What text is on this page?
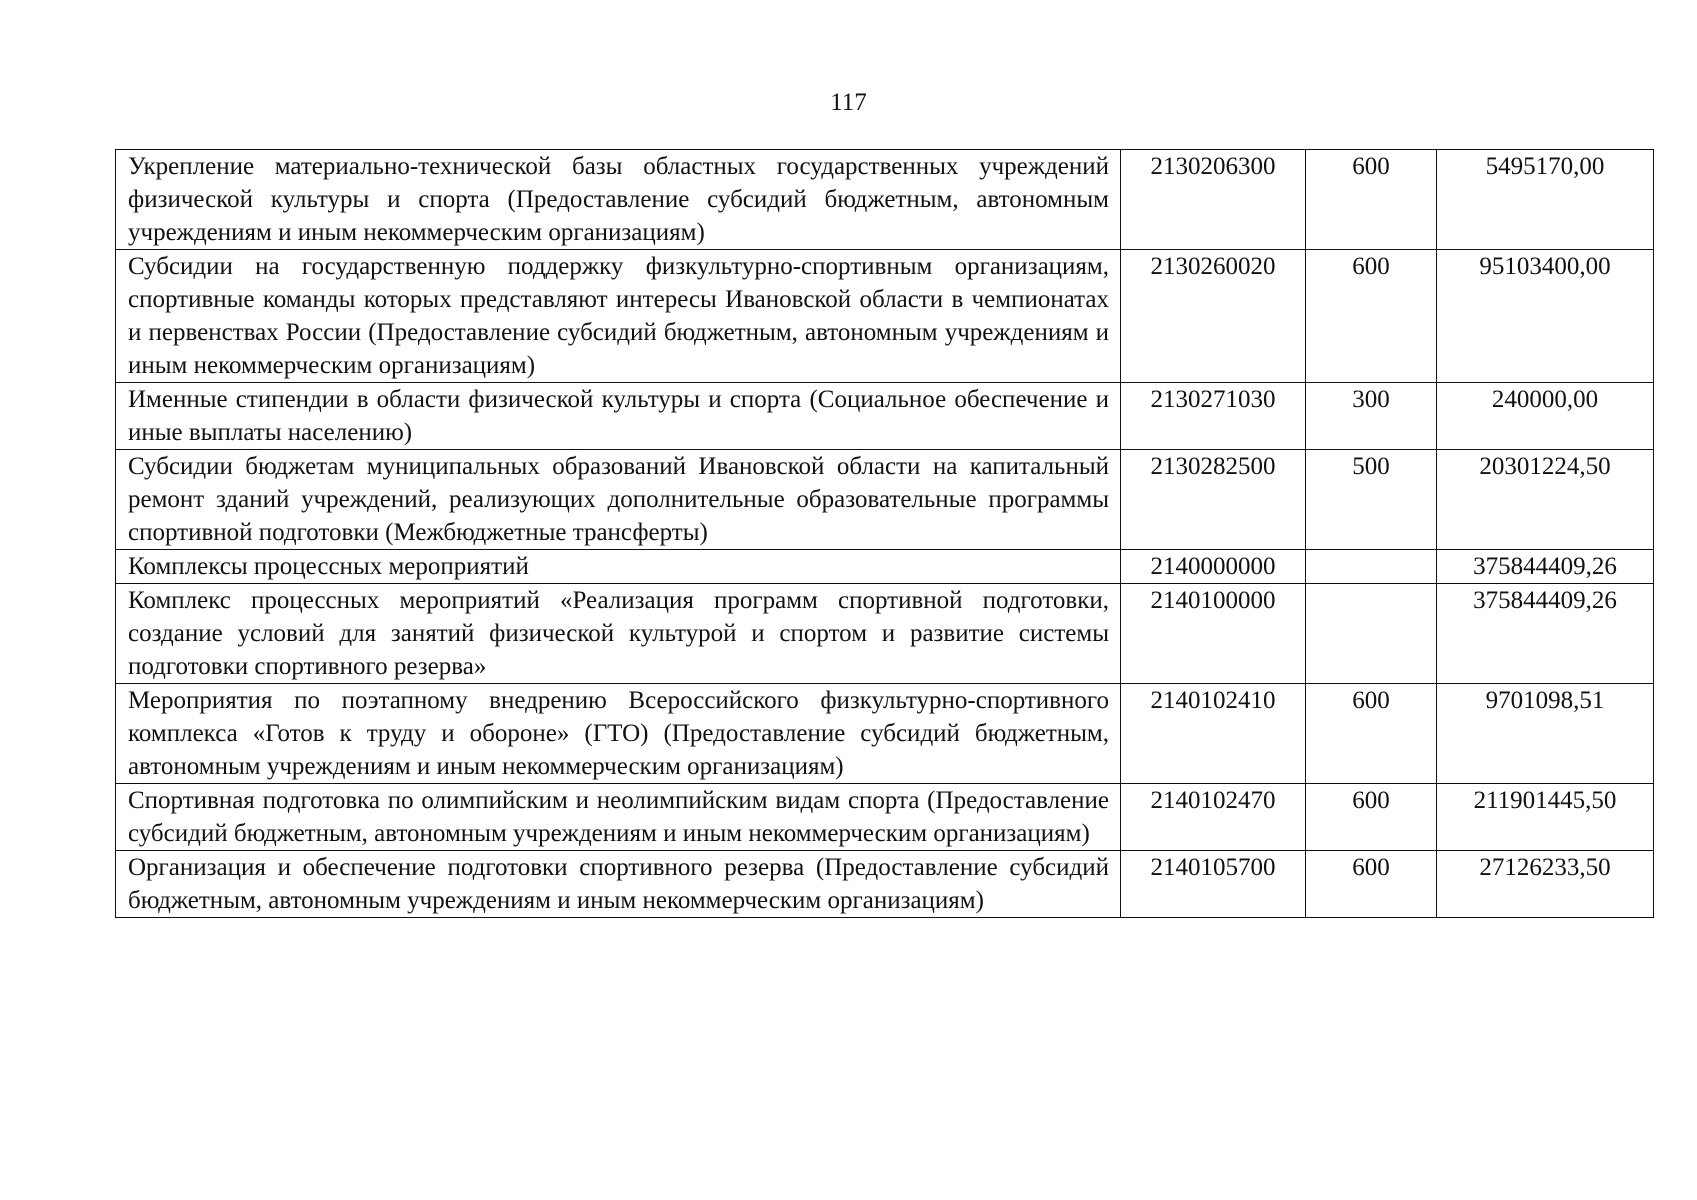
117
Укрепление материально-технической базы областных государственных учреждений физической культуры и спорта (Предоставление субсидий бюджетным, автономным учреждениям и иным некоммерческим организациям)	2130206300	600	5495170,00
Субсидии на государственную поддержку физкультурно-спортивным организациям, спортивные команды которых представляют интересы Ивановской области в чемпионатах и первенствах России (Предоставление субсидий бюджетным, автономным учреждениям и иным некоммерческим организациям)	2130260020	600	95103400,00
Именные стипендии в области физической культуры и спорта (Социальное обеспечение и иные выплаты населению)	2130271030	300	240000,00
Субсидии бюджетам муниципальных образований Ивановской области на капитальный ремонт зданий учреждений, реализующих дополнительные образовательные программы спортивной подготовки (Межбюджетные трансферты)	2130282500	500	20301224,50
Комплексы процессных мероприятий	2140000000		375844409,26
Комплекс процессных мероприятий «Реализация программ спортивной подготовки, создание условий для занятий физической культурой и спортом и развитие системы подготовки спортивного резерва»	2140100000		375844409,26
Мероприятия по поэтапному внедрению Всероссийского физкультурно-спортивного комплекса «Готов к труду и обороне» (ГТО) (Предоставление субсидий бюджетным, автономным учреждениям и иным некоммерческим организациям)	2140102410	600	9701098,51
Спортивная подготовка по олимпийским и неолимпийским видам спорта (Предоставление субсидий бюджетным, автономным учреждениям и иным некоммерческим организациям)	2140102470	600	211901445,50
Организация и обеспечение подготовки спортивного резерва (Предоставление субсидий бюджетным, автономным учреждениям и иным некоммерческим организациям)	2140105700	600	27126233,50
